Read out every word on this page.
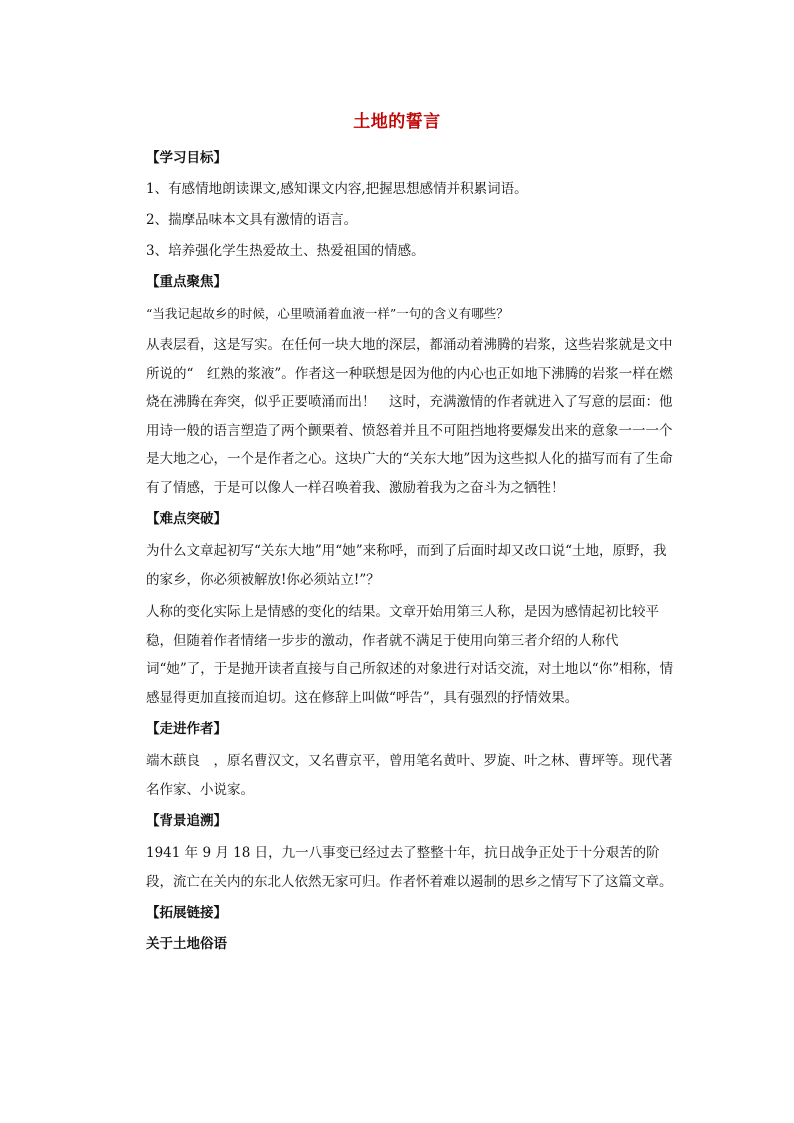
土地的誓言
【学习目标】
1、有感情地朗读课文,感知课文内容,把握思想感情并积累词语。
2、揣摩品味本文具有激情的语言。
3、培养强化学生热爱故土、热爱祖国的情感。
【重点聚焦】
“当我记起故乡的时候，心里喷涌着血液一样”一句的含义有哪些？
从表层看，这是写实。在任何一块大地的深层，都涌动着沸腾的岩浆，这些岩浆就是文中所说的“　红熟的浆液”。作者这一种联想是因为他的内心也正如地下沸腾的岩浆一样在燃烧在沸腾在奔突，似乎正要喷涌而出！　这时，充满激情的作者就进入了写意的层面：他用诗一般的语言塑造了两个颤栗着、愤怒着并且不可阻挡地将要爆发出来的意象一一一个是大地之心，一个是作者之心。这块广大的“关东大地”因为这些拟人化的描写而有了生命有了情感，于是可以像人一样召唤着我、激励着我为之奋斗为之牺牲！
【难点突破】
为什么文章起初写“关东大地”用“她”来称呼，而到了后面时却又改口说“土地，原野，我的家乡，你必须被解放!你必须站立!”？
人称的变化实际上是情感的变化的结果。文章开始用第三人称，是因为感情起初比较平稳，但随着作者情绪一步步的激动，作者就不满足于使用向第三者介绍的人称代词“她”了，于是抛开读者直接与自己所叙述的对象进行对话交流，对土地以“你”相称，情感显得更加直接而迫切。这在修辞上叫做“呼告”，具有强烈的抒情效果。
【走进作者】
端木蕻良　，原名曹汉文，又名曹京平，曾用笔名黄叶、罗旋、叶之林、曹坪等。现代著名作家、小说家。
【背景追溯】
1941 年 9 月 18 日，九一八事变已经过去了整整十年，抗日战争正处于十分艰苦的阶段，流亡在关内的东北人依然无家可归。作者怀着难以遏制的思乡之情写下了这篇文章。
【拓展链接】
关于土地俗语
